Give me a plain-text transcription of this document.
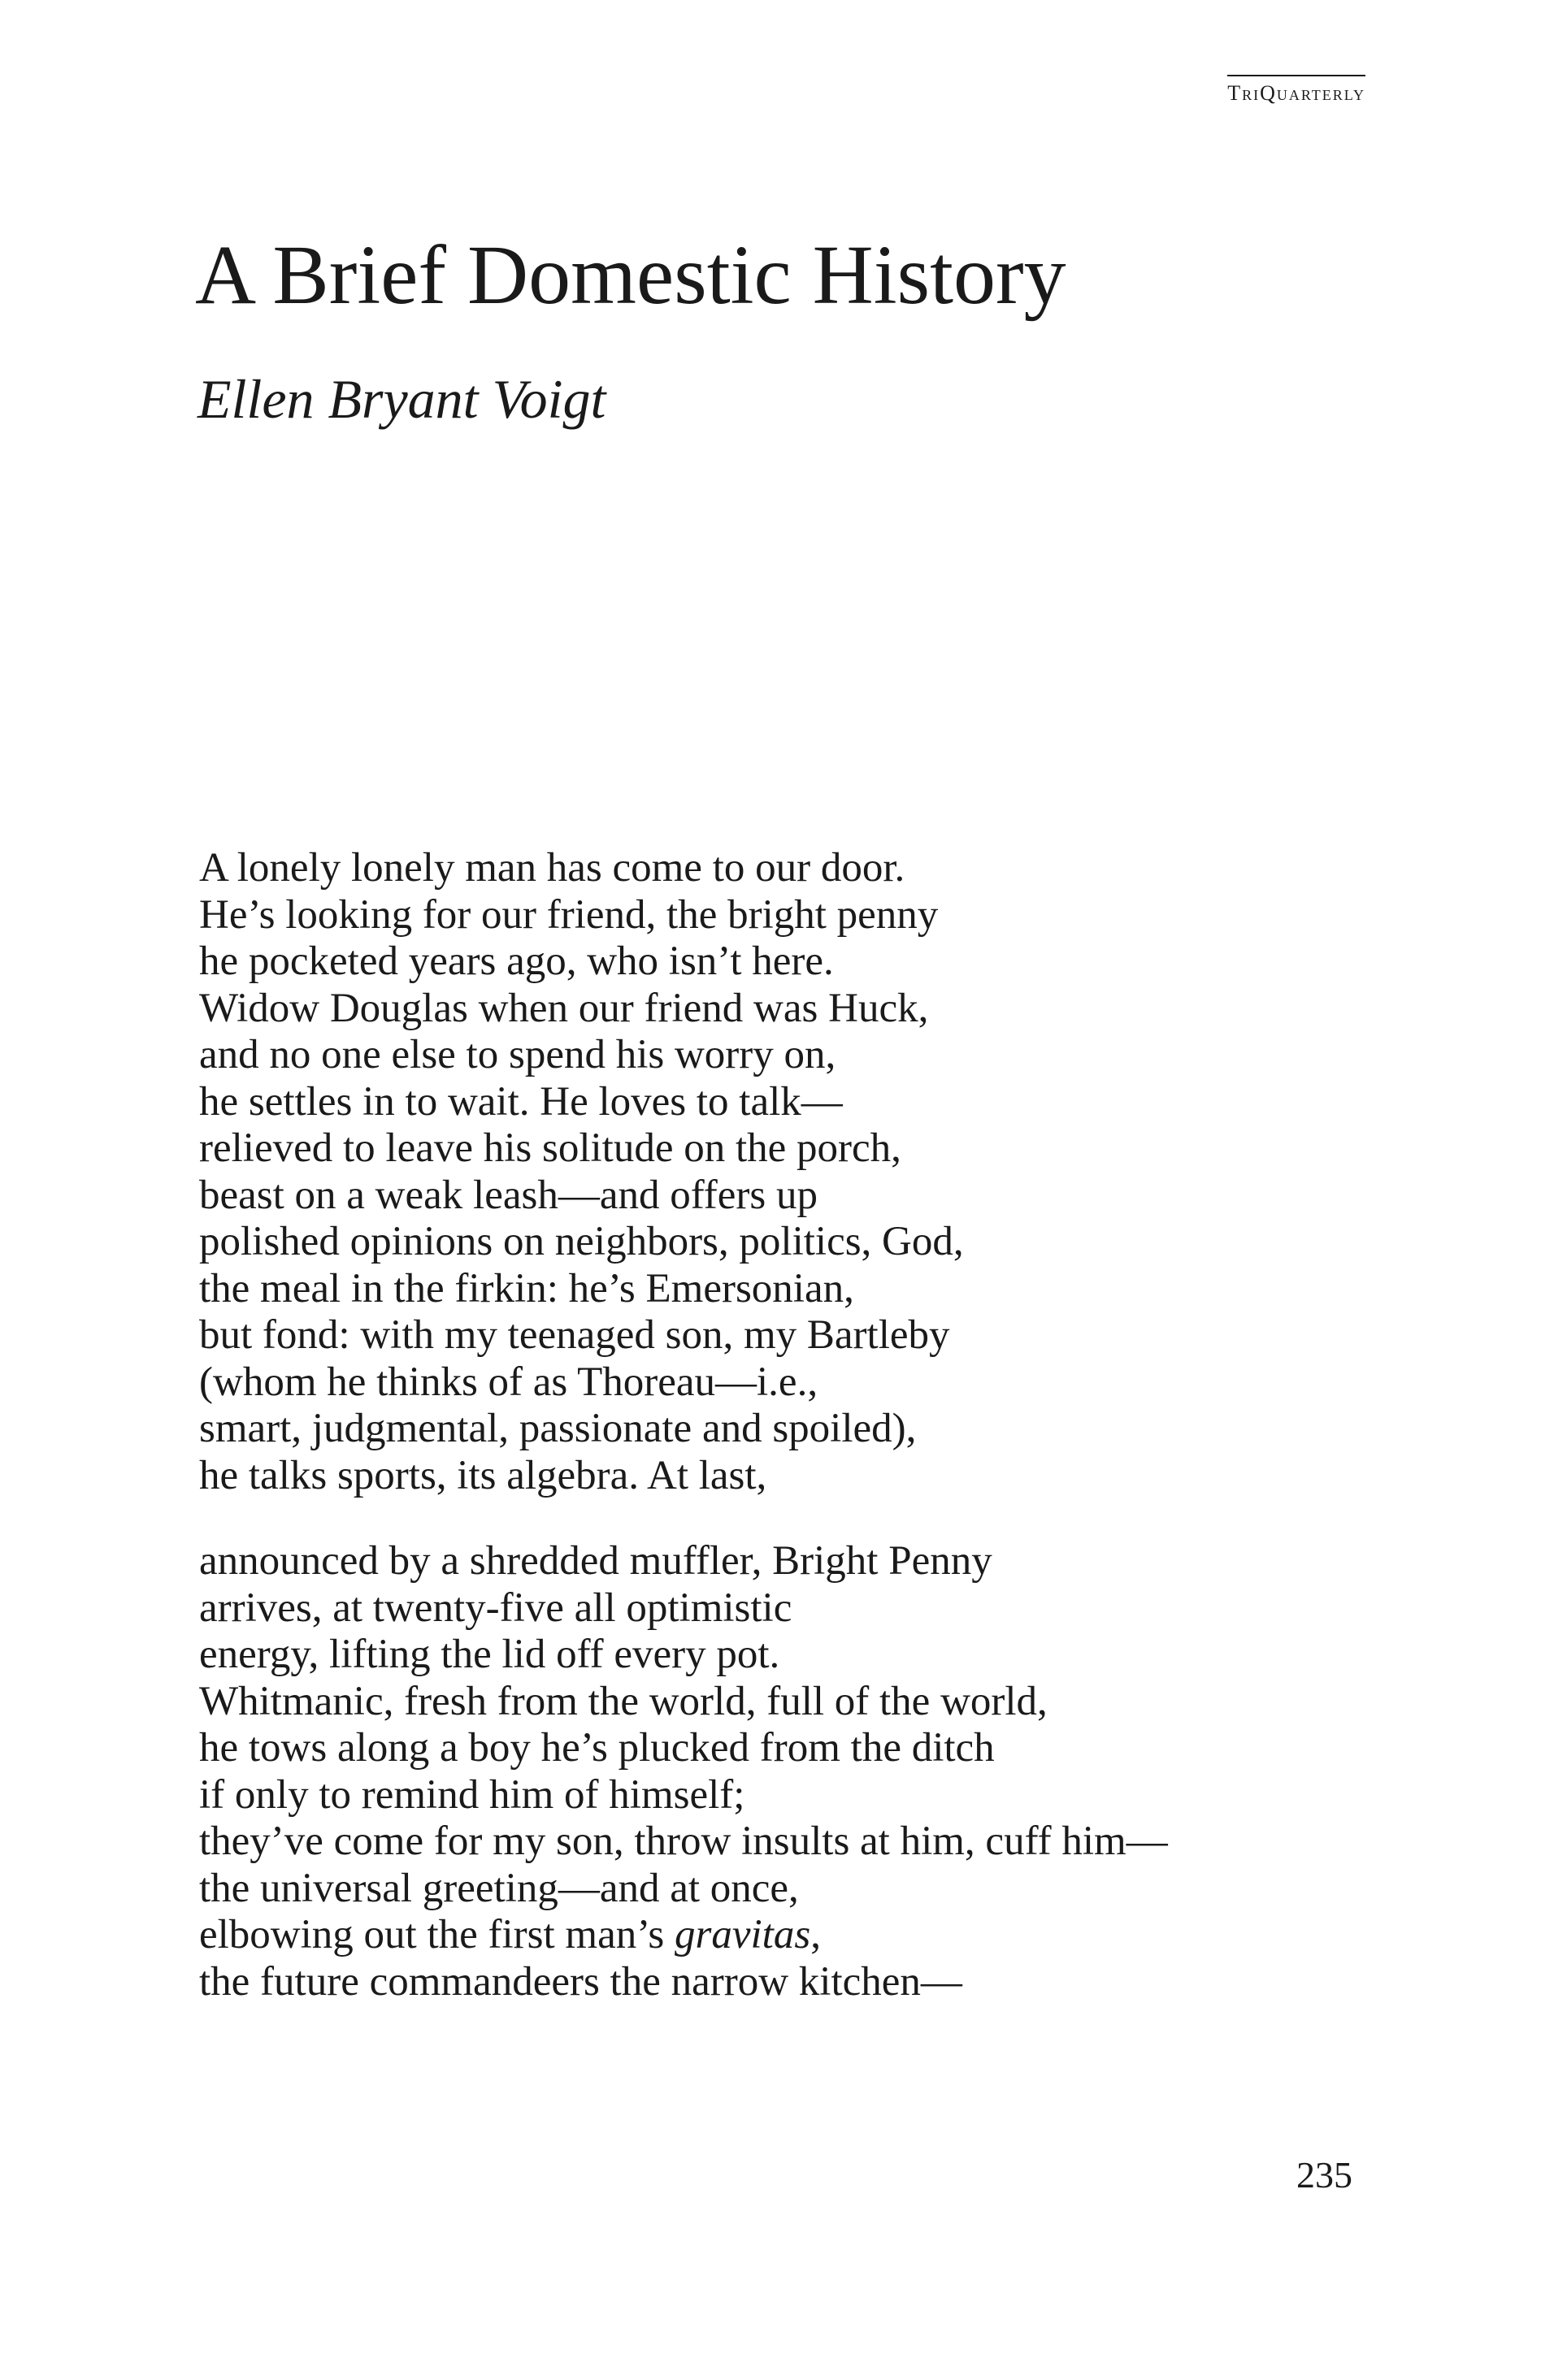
TriQuarterly
A Brief Domestic History
Ellen Bryant Voigt

A lonely lonely man has come to our door.
He’s looking for our friend, the bright penny
he pocketed years ago, who isn’t here.
Widow Douglas when our friend was Huck,
and no one else to spend his worry on,
he settles in to wait. He loves to talk—
relieved to leave his solitude on the porch,
beast on a weak leash—and offers up
polished opinions on neighbors, politics, God,
the meal in the firkin: he’s Emersonian,
but fond: with my teenaged son, my Bartleby
(whom he thinks of as Thoreau—i.e.,
smart, judgmental, passionate and spoiled),
he talks sports, its algebra. At last,

announced by a shredded muffler, Bright Penny
arrives, at twenty-five all optimistic
energy, lifting the lid off every pot.
Whitmanic, fresh from the world, full of the world,
he tows along a boy he’s plucked from the ditch
if only to remind him of himself;
they’ve come for my son, throw insults at him, cuff him—
the universal greeting—and at once,
elbowing out the first man’s gravitas,
the future commandeers the narrow kitchen—

235
